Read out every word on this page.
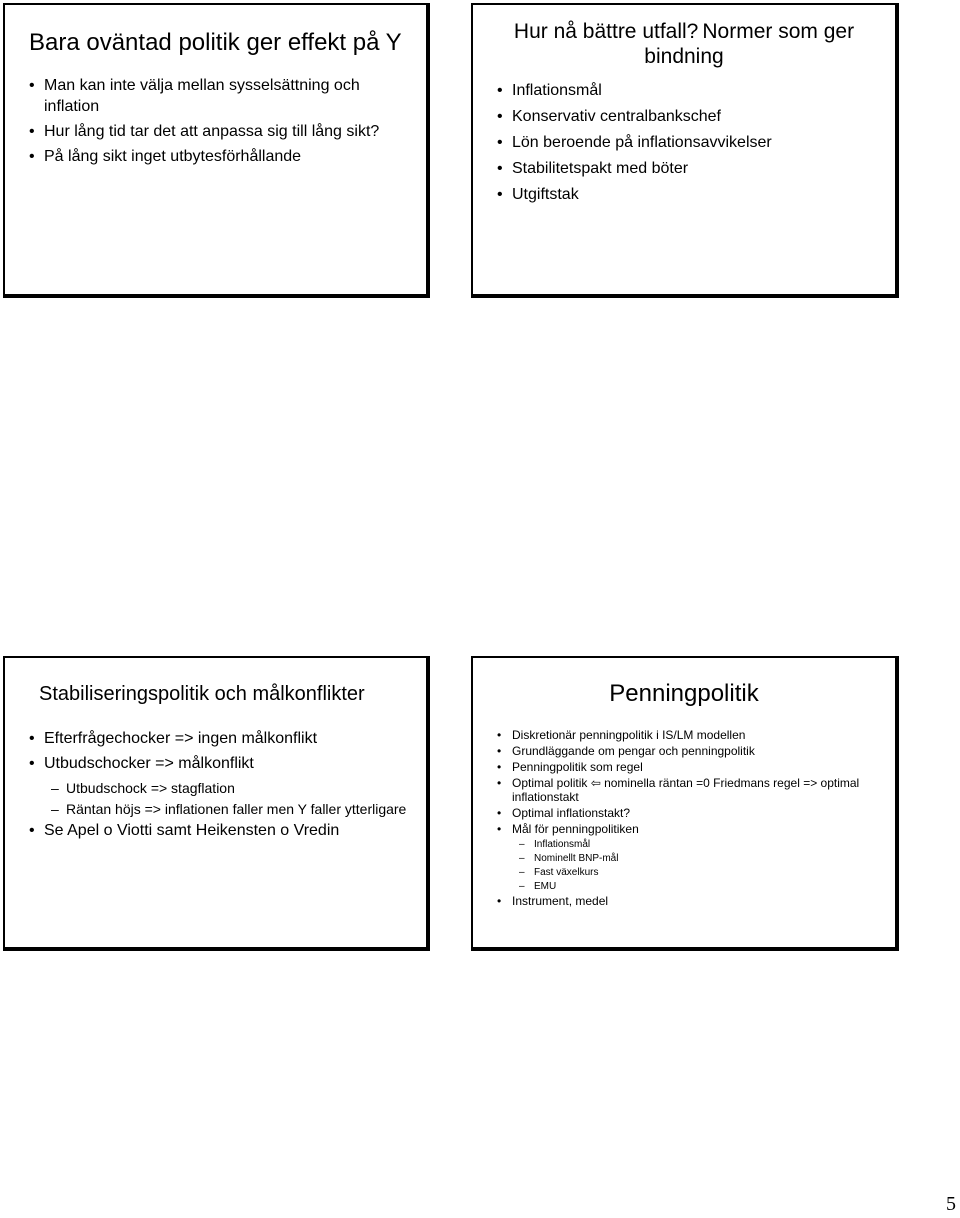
Bara oväntad politik ger effekt på Y
• Man kan inte välja mellan sysselsättning och inflation
• Hur lång tid tar det att anpassa sig till lång sikt?
• På lång sikt inget utbytesförhållande
Hur nå bättre utfall? Normer som ger bindning
• Inflationsmål
• Konservativ centralbankschef
• Lön beroende på inflationsavvikelser
• Stabilitetspakt med böter
• Utgiftstak
Stabiliseringspolitik och målkonflikter
• Efterfrågechocker => ingen målkonflikt
• Utbudschocker => målkonflikt
– Utbudschock => stagflation
– Räntan höjs => inflationen faller men Y faller ytterligare
• Se Apel o Viotti samt Heikensten o Vredin
Penningpolitik
• Diskretionär penningpolitik i IS/LM modellen
• Grundläggande om pengar och penningpolitik
• Penningpolitik som regel
• Optimal politik ⇦ nominella räntan =0 Friedmans regel => optimal inflationstakt
• Optimal inflationstakt?
• Mål för penningpolitiken
– Inflationsmål
– Nominellt BNP-mål
– Fast växelkurs
– EMU
• Instrument, medel
5
